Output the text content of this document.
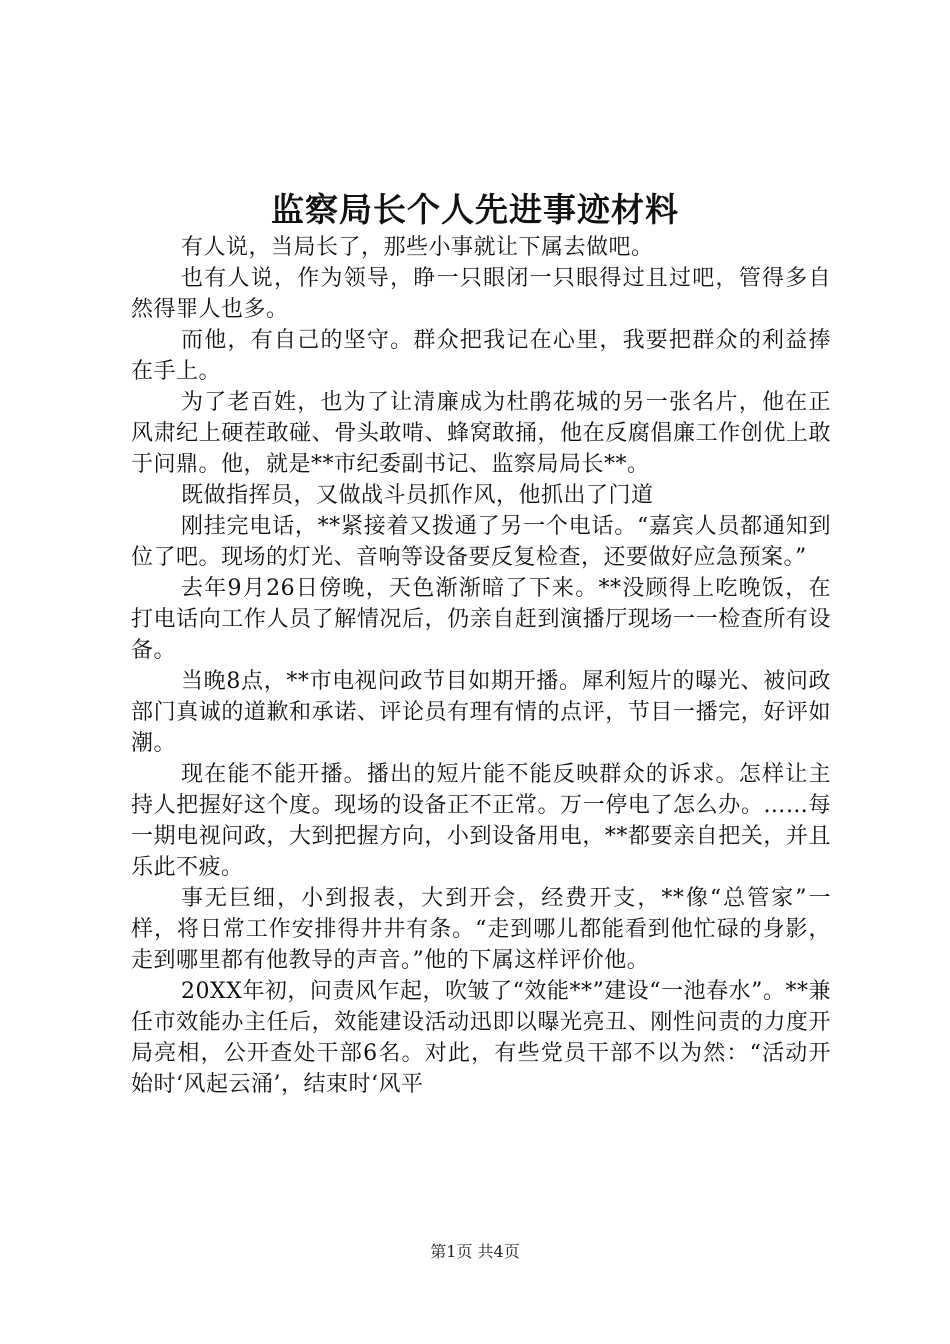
监察局长个人先进事迹材料

有人说，当局长了，那些小事就让下属去做吧。

也有人说，作为领导，睁一只眼闭一只眼得过且过吧，管得多自然得罪人也多。

而他，有自己的坚守。群众把我记在心里，我要把群众的利益捧在手上。

为了老百姓，也为了让清廉成为杜鹃花城的另一张名片，他在正风肃纪上硬茬敢碰、骨头敢啃、蜂窝敢捅，他在反腐倡廉工作创优上敢于问鼎。他，就是**市纪委副书记、监察局局长**。

既做指挥员，又做战斗员抓作风，他抓出了门道

刚挂完电话，**紧接着又拨通了另一个电话。“嘉宾人员都通知到位了吧。现场的灯光、音响等设备要反复检查，还要做好应急预案。”

去年9月26日傍晚，天色渐渐暗了下来。**没顾得上吃晚饭，在打电话向工作人员了解情况后，仍亲自赶到演播厅现场一一检查所有设备。

当晚8点，**市电视问政节目如期开播。犀利短片的曝光、被问政部门真诚的道歉和承诺、评论员有理有情的点评，节目一播完，好评如潮。

现在能不能开播。播出的短片能不能反映群众的诉求。怎样让主持人把握好这个度。现场的设备正不正常。万一停电了怎么办。……每一期电视问政，大到把握方向，小到设备用电，**都要亲自把关，并且乐此不疲。

事无巨细，小到报表，大到开会，经费开支，**像“总管家”一样，将日常工作安排得井井有条。“走到哪儿都能看到他忙碌的身影，走到哪里都有他教导的声音。”他的下属这样评价他。

20XX年初，问责风乍起，吹皱了“效能**”建设“一池春水”。**兼任市效能办主任后，效能建设活动迅即以曝光亮丑、刚性问责的力度开局亮相，公开查处干部6名。对此，有些党员干部不以为然：“活动开始时‘风起云涌’，结束时‘风平

第1页 共4页
